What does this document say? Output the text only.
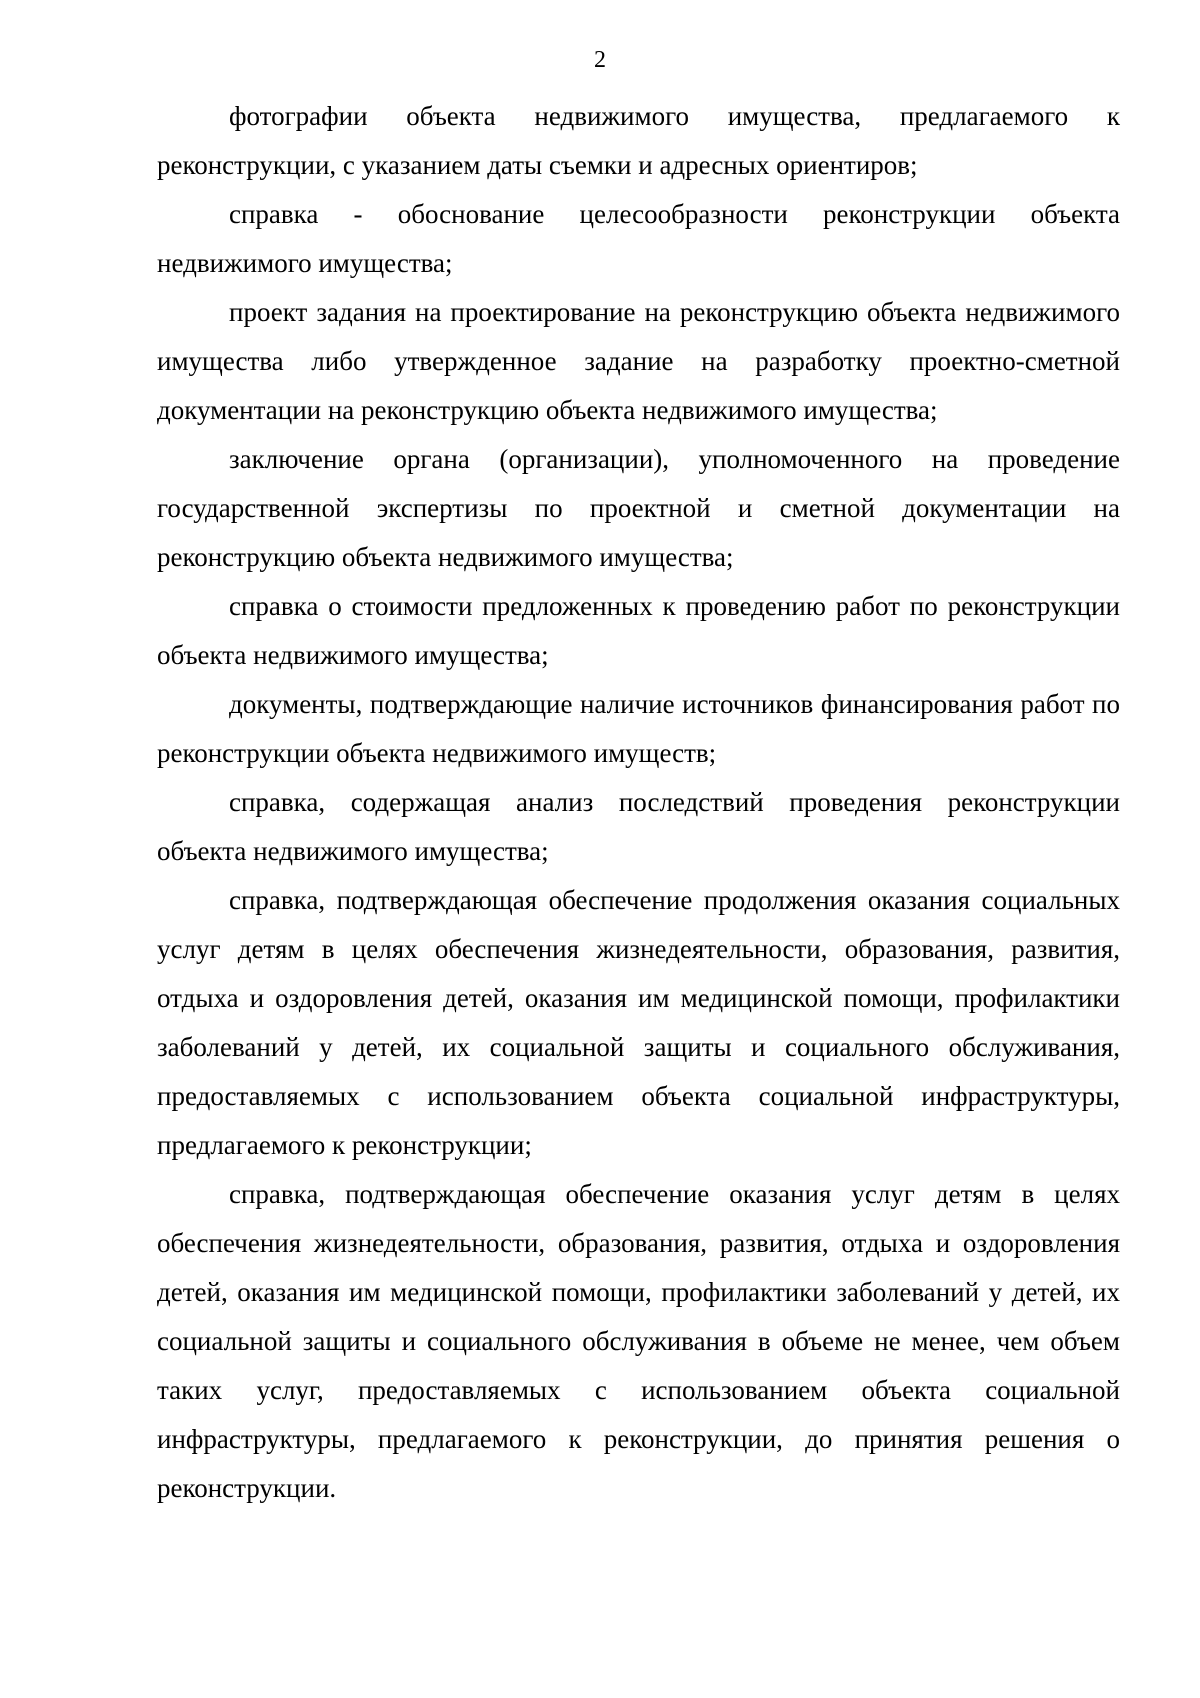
2

фотографии объекта недвижимого имущества, предлагаемого к реконструкции, с указанием даты съемки и адресных ориентиров;

справка - обоснование целесообразности реконструкции объекта недвижимого имущества;

проект задания на проектирование на реконструкцию объекта недвижимого имущества либо утвержденное задание на разработку проектно-сметной документации на реконструкцию объекта недвижимого имущества;

заключение органа (организации), уполномоченного на проведение государственной экспертизы по проектной и сметной документации на реконструкцию объекта недвижимого имущества;

справка о стоимости предложенных к проведению работ по реконструкции объекта недвижимого имущества;

документы, подтверждающие наличие источников финансирования работ по реконструкции объекта недвижимого имуществ;

справка, содержащая анализ последствий проведения реконструкции объекта недвижимого имущества;

справка, подтверждающая обеспечение продолжения оказания социальных услуг детям в целях обеспечения жизнедеятельности, образования, развития, отдыха и оздоровления детей, оказания им медицинской помощи, профилактики заболеваний у детей, их социальной защиты и социального обслуживания, предоставляемых с использованием объекта социальной инфраструктуры, предлагаемого к реконструкции;

справка, подтверждающая обеспечение оказания услуг детям в целях обеспечения жизнедеятельности, образования, развития, отдыха и оздоровления детей, оказания им медицинской помощи, профилактики заболеваний у детей, их социальной защиты и социального обслуживания в объеме не менее, чем объем таких услуг, предоставляемых с использованием объекта социальной инфраструктуры, предлагаемого к реконструкции, до принятия решения о реконструкции.
